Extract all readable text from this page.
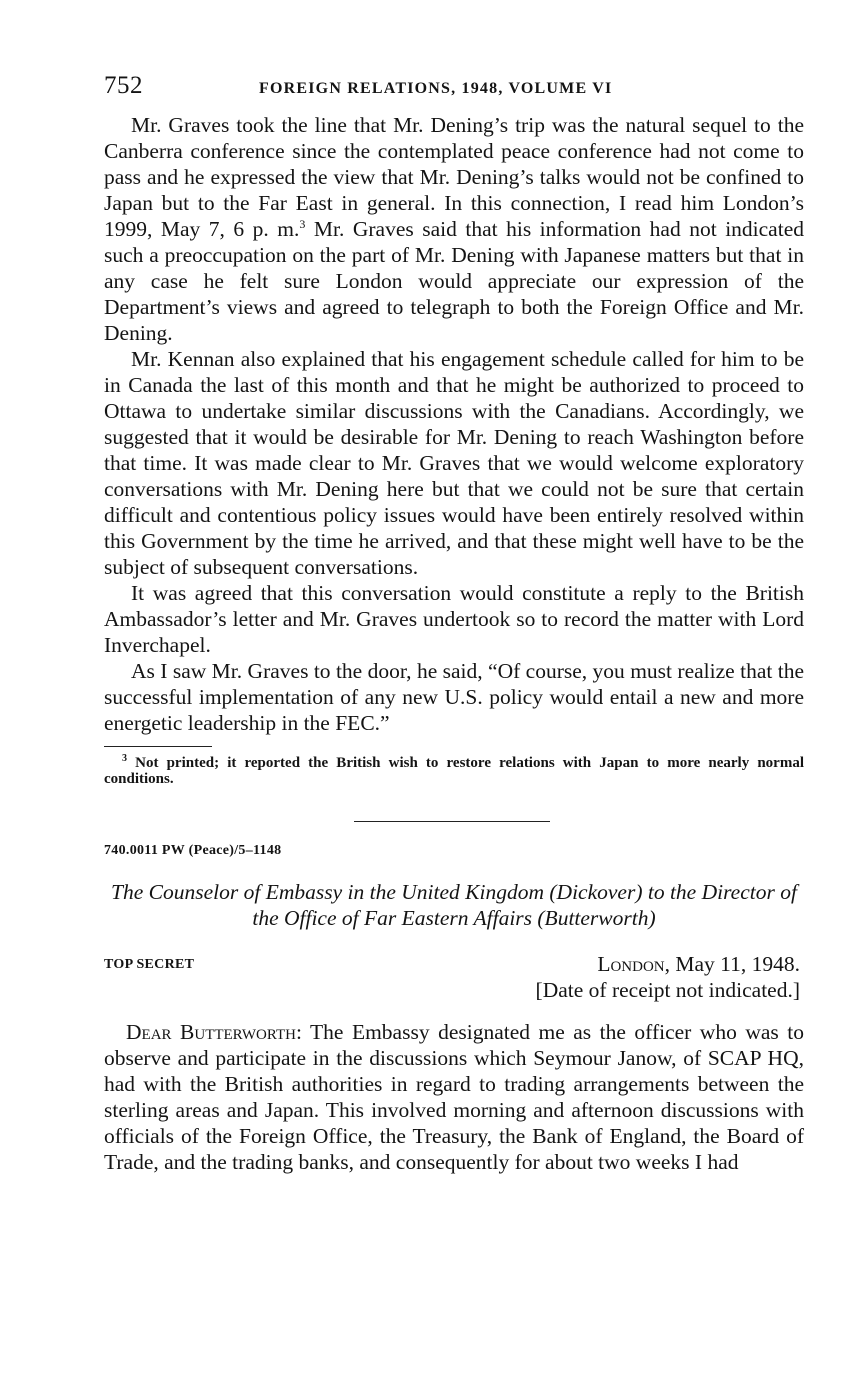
752	FOREIGN RELATIONS, 1948, VOLUME VI

Mr. Graves took the line that Mr. Dening’s trip was the natural sequel to the Canberra conference since the contemplated peace conference had not come to pass and he expressed the view that Mr. Dening’s talks would not be confined to Japan but to the Far East in general. In this connection, I read him London’s 1999, May 7, 6 p. m.$^3$ Mr. Graves said that his information had not indicated such a preoccupation on the part of Mr. Dening with Japanese matters but that in any case he felt sure London would appreciate our expression of the Department’s views and agreed to telegraph to both the Foreign Office and Mr. Dening.

Mr. Kennan also explained that his engagement schedule called for him to be in Canada the last of this month and that he might be authorized to proceed to Ottawa to undertake similar discussions with the Canadians. Accordingly, we suggested that it would be desirable for Mr. Dening to reach Washington before that time. It was made clear to Mr. Graves that we would welcome exploratory conversations with Mr. Dening here but that we could not be sure that certain difficult and contentious policy issues would have been entirely resolved within this Government by the time he arrived, and that these might well have to be the subject of subsequent conversations.

It was agreed that this conversation would constitute a reply to the British Ambassador’s letter and Mr. Graves undertook so to record the matter with Lord Inverchapel.

As I saw Mr. Graves to the door, he said, “Of course, you must realize that the successful implementation of any new U.S. policy would entail a new and more energetic leadership in the FEC.”

$^3$ Not printed; it reported the British wish to restore relations with Japan to more nearly normal conditions.

740.0011 PW (Peace)/5–1148
The Counselor of Embassy in the United Kingdom (Dickover) to the Director of the Office of Far Eastern Affairs (Butterworth)
TOP SECRET	London, May 11, 1948.
[Date of receipt not indicated.]

Dear Butterworth: The Embassy designated me as the officer who was to observe and participate in the discussions which Seymour Janow, of SCAP HQ, had with the British authorities in regard to trading arrangements between the sterling areas and Japan. This involved morning and afternoon discussions with officials of the Foreign Office, the Treasury, the Bank of England, the Board of Trade, and the trading banks, and consequently for about two weeks I had
